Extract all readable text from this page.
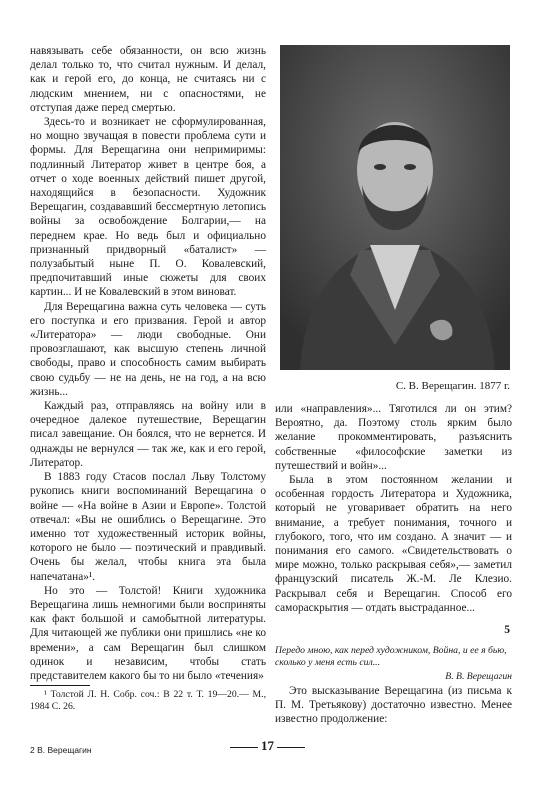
навязывать себе обязанности, он всю жизнь делал только то, что считал нужным. И делал, как и герой его, до конца, не считаясь ни с людским мнением, ни с опасностями, не отступая даже перед смертью.

Здесь-то и возникает не сформулированная, но мощно звучащая в повести проблема сути и формы. Для Верещагина они непримиримы: подлинный Литератор живет в центре боя, а отчет о ходе военных действий пишет другой, находящийся в безопасности. Художник Верещагин, создававший бессмертную летопись войны за освобождение Болгарии,— на переднем крае. Но ведь был и официально признанный придворный «баталист» — полузабытый ныне П. О. Ковалевский, предпочитавший иные сюжеты для своих картин... И не Ковалевский в этом виноват.

Для Верещагина важна суть человека — суть его поступка и его призвания. Герой и автор «Литератора» — люди свободные. Они провозглашают, как высшую степень личной свободы, право и способность самим выбирать свою судьбу — не на день, не на год, а на всю жизнь...

Каждый раз, отправляясь на войну или в очередное далекое путешествие, Верещагин писал завещание. Он боялся, что не вернется. И однажды не вернулся — так же, как и его герой, Литератор.

В 1883 году Стасов послал Льву Толстому рукопись книги воспоминаний Верещагина о войне — «На войне в Азии и Европе». Толстой отвечал: «Вы не ошиблись о Верещагине. Это именно тот художественный историк войны, которого не было — поэтический и правдивый. Очень бы желал, чтобы книга эта была напечатана»¹.

Но это — Толстой! Книги художника Верещагина лишь немногими были восприняты как факт большой и самобытной литературы. Для читающей же публики они пришлись «не ко времени», а сам Верещагин был слишком одинок и независим, чтобы стать представителем какого бы то ни было «течения»

¹ Толстой Л. Н. Собр. соч.: В 22 т. Т. 19—20.— М., 1984 С. 26.

С. В. Верещагин. 1877 г.

или «направления»... Тяготился ли он этим? Вероятно, да. Поэтому столь ярким было желание прокомментировать, разъяснить собственные «философские заметки из путешествий и войн»...

Была в этом постоянном желании и особенная гордость Литератора и Художника, который не уговаривает обратить на него внимание, а требует понимания, точного и глубокого, того, что им создано. А значит — и понимания его самого. «Свидетельствовать о мире можно, только раскрывая себя»,— заметил французский писатель Ж.-М. Ле Клезио. Раскрывал себя и Верещагин. Способ его самораскрытия — отдать выстраданное...

5

Передо мною, как перед художником, Война, и ее я бью, сколько у меня есть сил...

В. В. Верещагин

Это высказывание Верещагина (из письма к П. М. Третьякову) достаточно известно. Менее известно продолжение:

2 В. Верещагин	17
